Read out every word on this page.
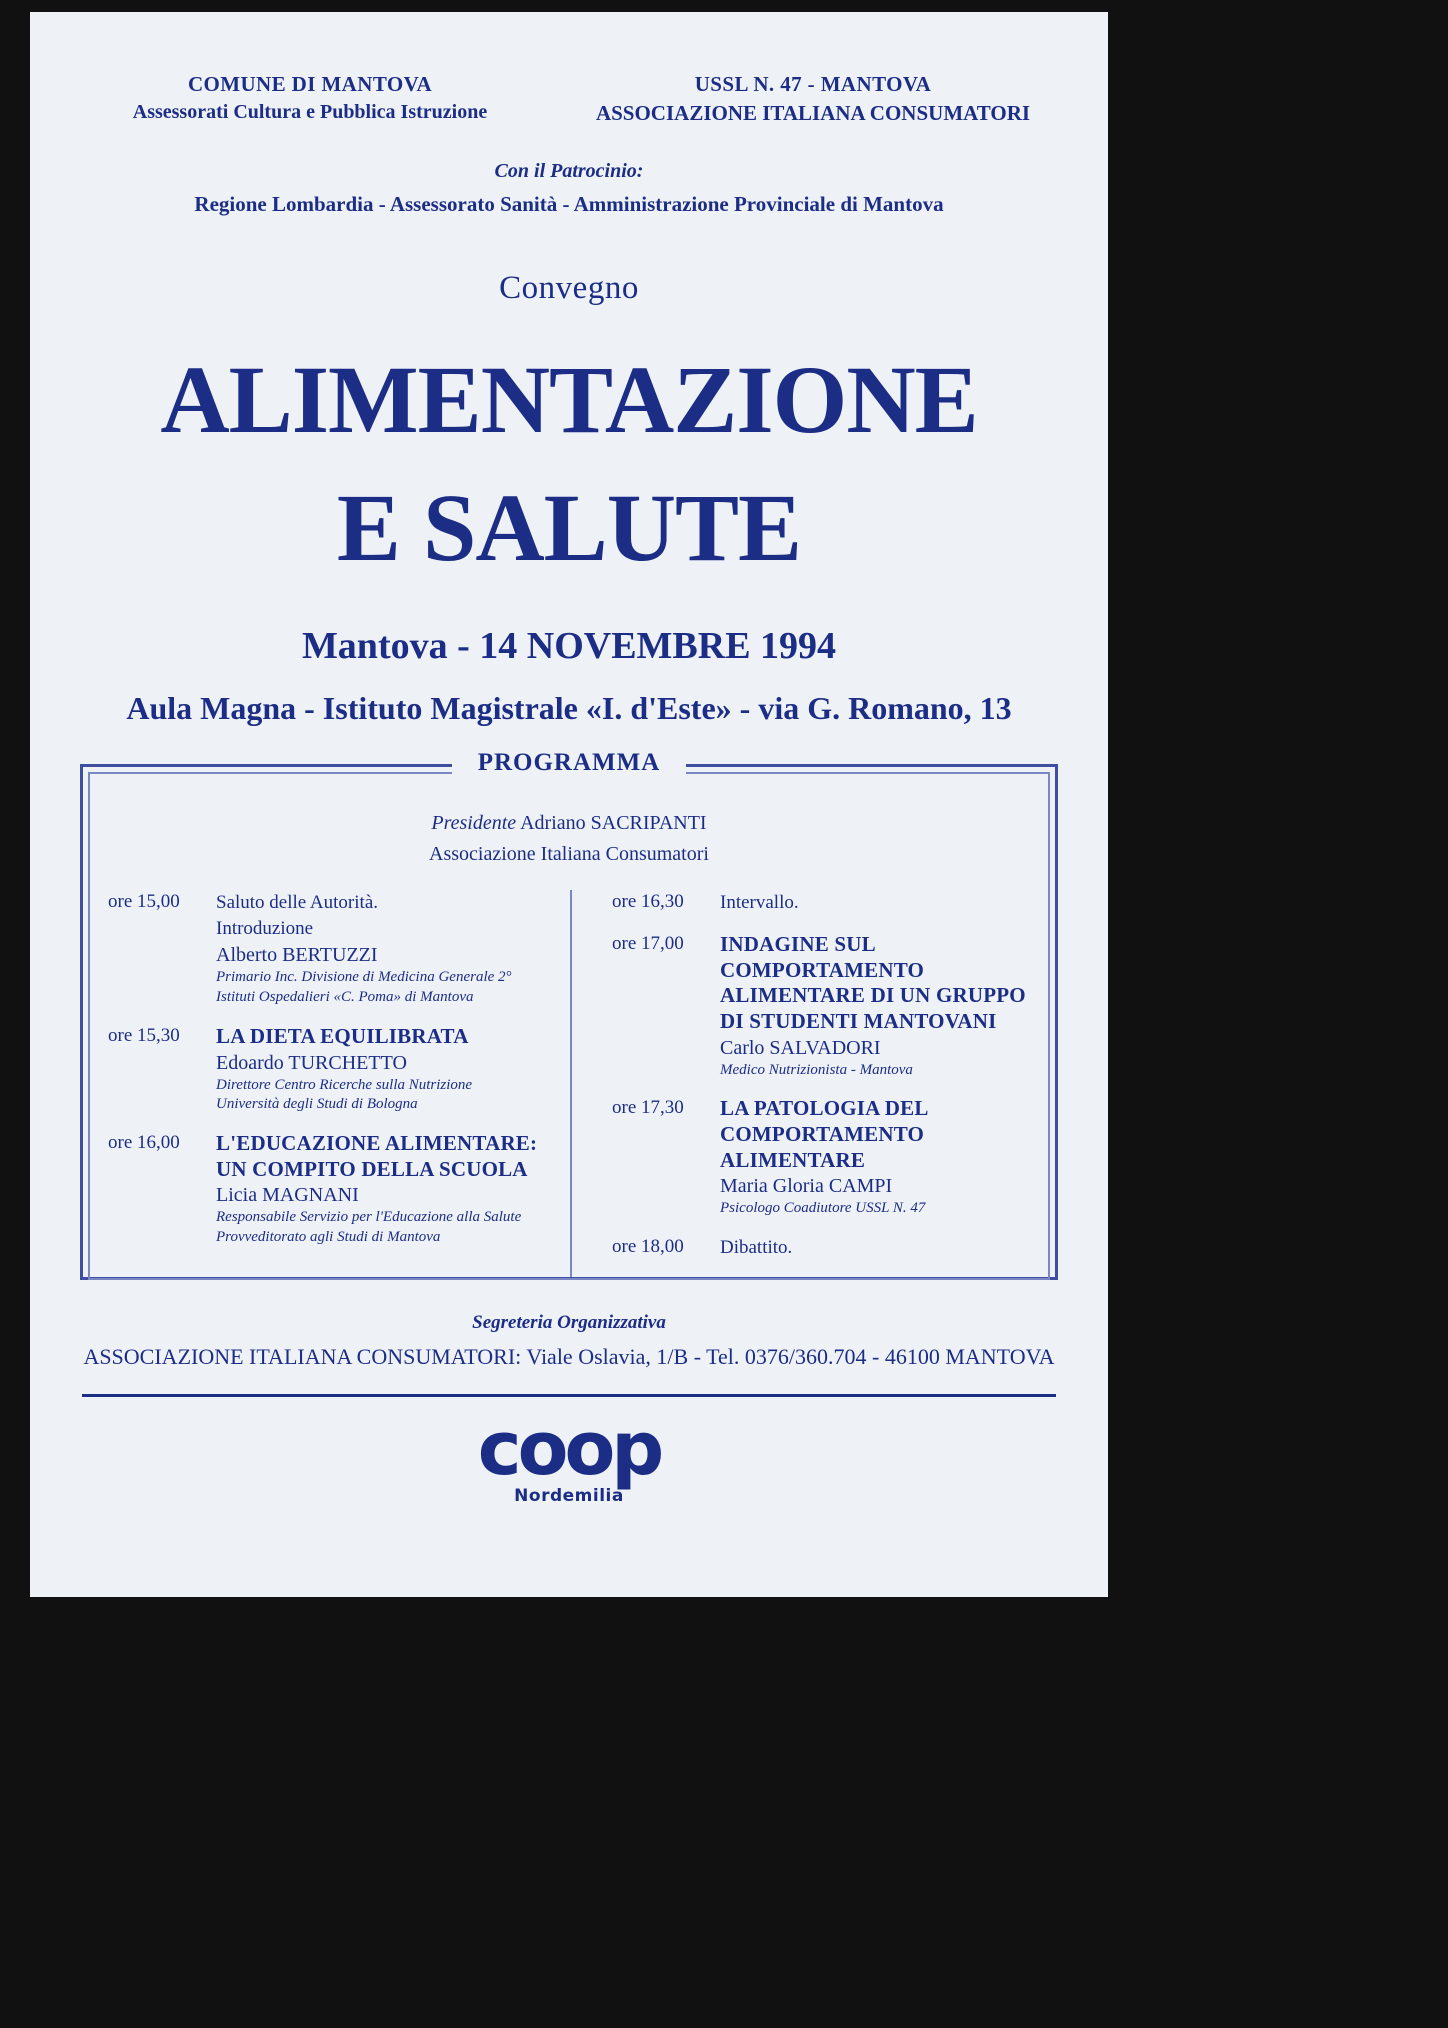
COMUNE DI MANTOVA
Assessorati Cultura e Pubblica Istruzione
USSL N. 47 - MANTOVA
ASSOCIAZIONE ITALIANA CONSUMATORI
Con il Patrocinio:
Regione Lombardia - Assessorato Sanità - Amministrazione Provinciale di Mantova
Convegno
ALIMENTAZIONE
E SALUTE
Mantova - 14 NOVEMBRE 1994
Aula Magna - Istituto Magistrale «I. d'Este» - via G. Romano, 13
PROGRAMMA
Presidente Adriano SACRIPANTI
Associazione Italiana Consumatori
ore 15,00	Saluto delle Autorità.
Introduzione
Alberto BERTUZZI
Primario Inc. Divisione di Medicina Generale 2°
Istituti Ospedalieri «C. Poma» di Mantova
ore 15,30	LA DIETA EQUILIBRATA
Edoardo TURCHETTO
Direttore Centro Ricerche sulla Nutrizione
Università degli Studi di Bologna
ore 16,00	L'EDUCAZIONE ALIMENTARE:
UN COMPITO DELLA SCUOLA
Licia MAGNANI
Responsabile Servizio per l'Educazione alla Salute
Provveditorato agli Studi di Mantova
ore 16,30	Intervallo.
ore 17,00	INDAGINE SUL COMPORTAMENTO
ALIMENTARE DI UN GRUPPO
DI STUDENTI MANTOVANI
Carlo SALVADORI
Medico Nutrizionista - Mantova
ore 17,30	LA PATOLOGIA DEL COMPORTAMENTO
ALIMENTARE
Maria Gloria CAMPI
Psicologo Coadiutore USSL N. 47
ore 18,00	Dibattito.
Segreteria Organizzativa
ASSOCIAZIONE ITALIANA CONSUMATORI: Viale Oslavia, 1/B - Tel. 0376/360.704 - 46100 MANTOVA
coop
Nordemilia
